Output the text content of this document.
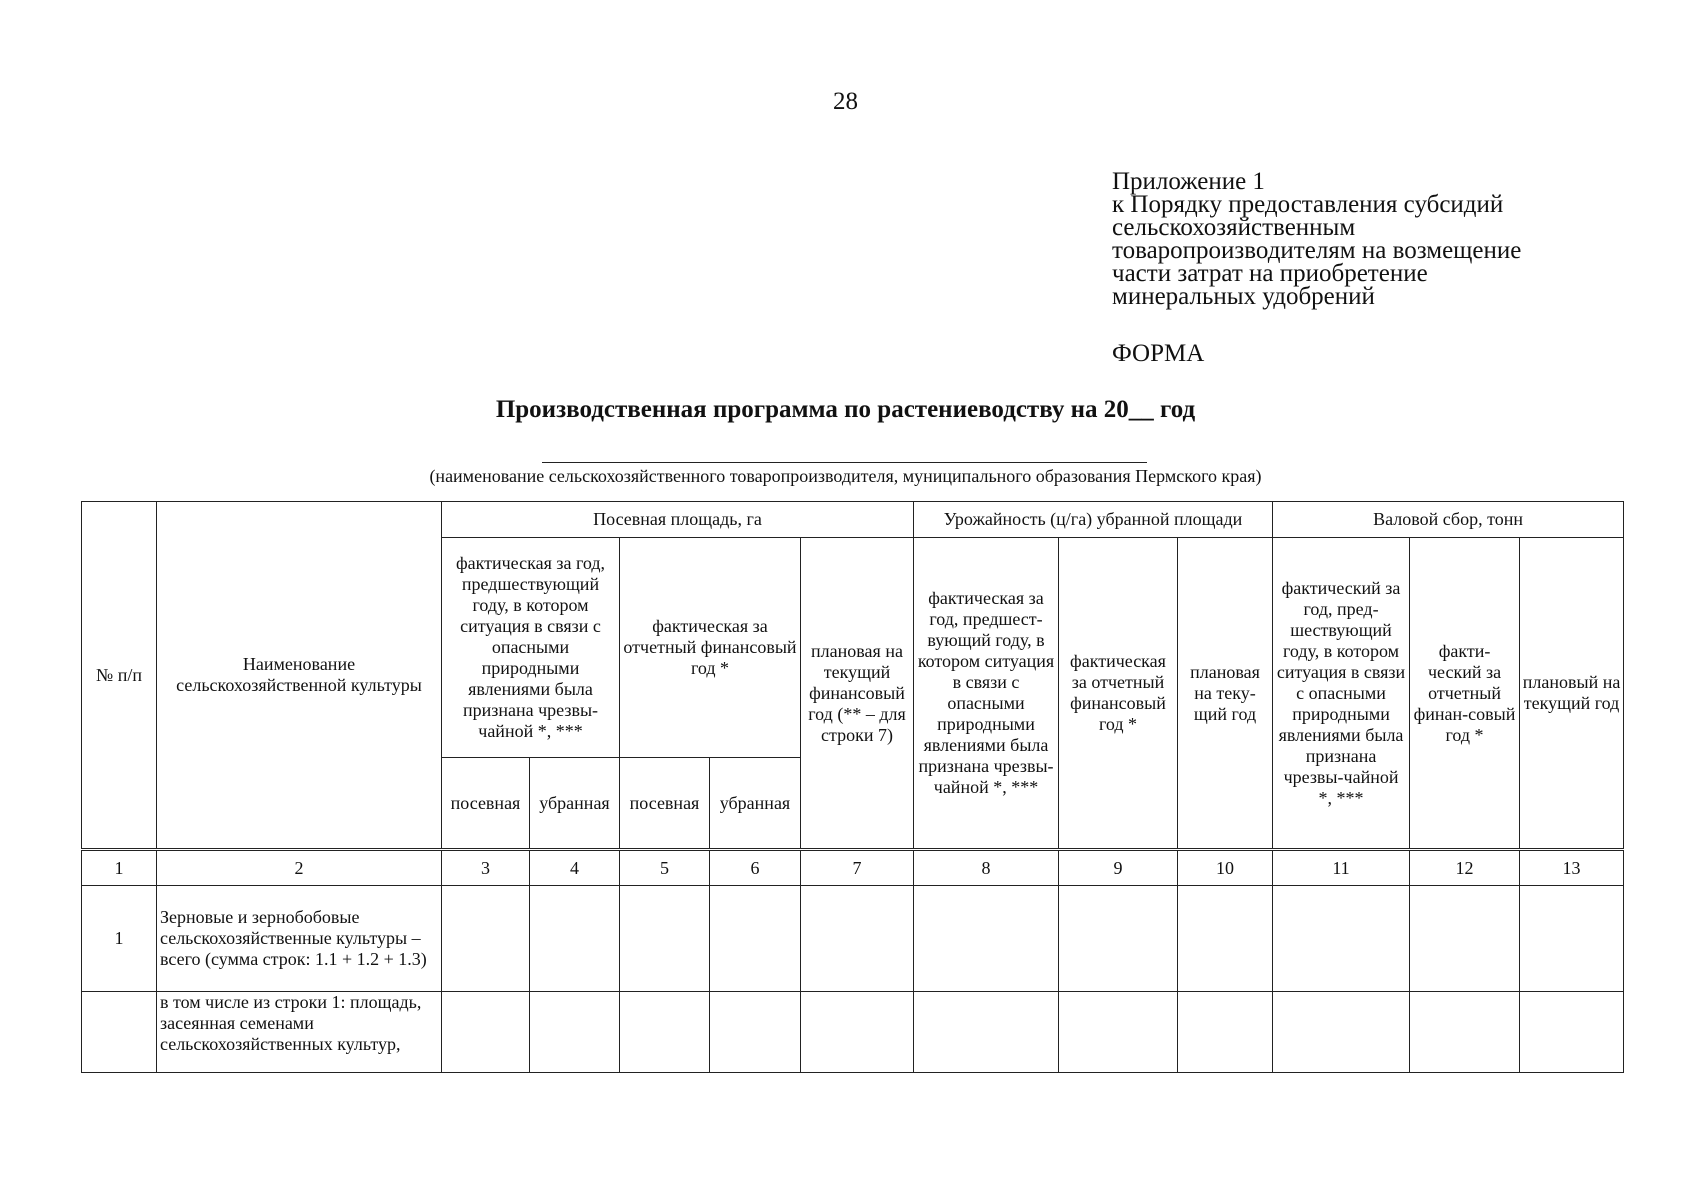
28
Приложение 1
к Порядку предоставления субсидий
сельскохозяйственным
товаропроизводителям на возмещение
части затрат на приобретение
минеральных удобрений
ФОРМА
Производственная программа по растениеводству на 20__ год
(наименование сельскохозяйственного товаропроизводителя, муниципального образования Пермского края)
№ п/п	Наименование сельскохозяйственной культуры	Посевная площадь, га					Урожайность (ц/га) убранной площади			Валовой сбор, тонн		
		фактическая за год, предшествующий году, в котором ситуация в связи с опасными природными явлениями была признана чрезвы-чайной *, ***		фактическая за отчетный финансовый год *		плановая на текущий финансовый год (** – для строки 7)	фактическая за год, предшест-вующий году, в котором ситуация в связи с опасными природными явлениями была признана чрезвы-чайной *, ***	фактическая за отчетный финансовый год *	плановая на теку-щий год	фактический за год, пред-шествующий году, в котором ситуация в связи с опасными природными явлениями была признана чрезвы-чайной *, ***	факти-ческий за отчетный финан-совый год *	плановый на текущий год
		посевная	убранная	посевная	убранная							
1	2	3	4	5	6	7	8	9	10	11	12	13
1	Зерновые и зернобобовые сельскохозяйственные культуры – всего (сумма строк: 1.1 + 1.2 + 1.3)											
	в том числе из строки 1: площадь, засеянная семенами сельскохозяйственных культур,											
